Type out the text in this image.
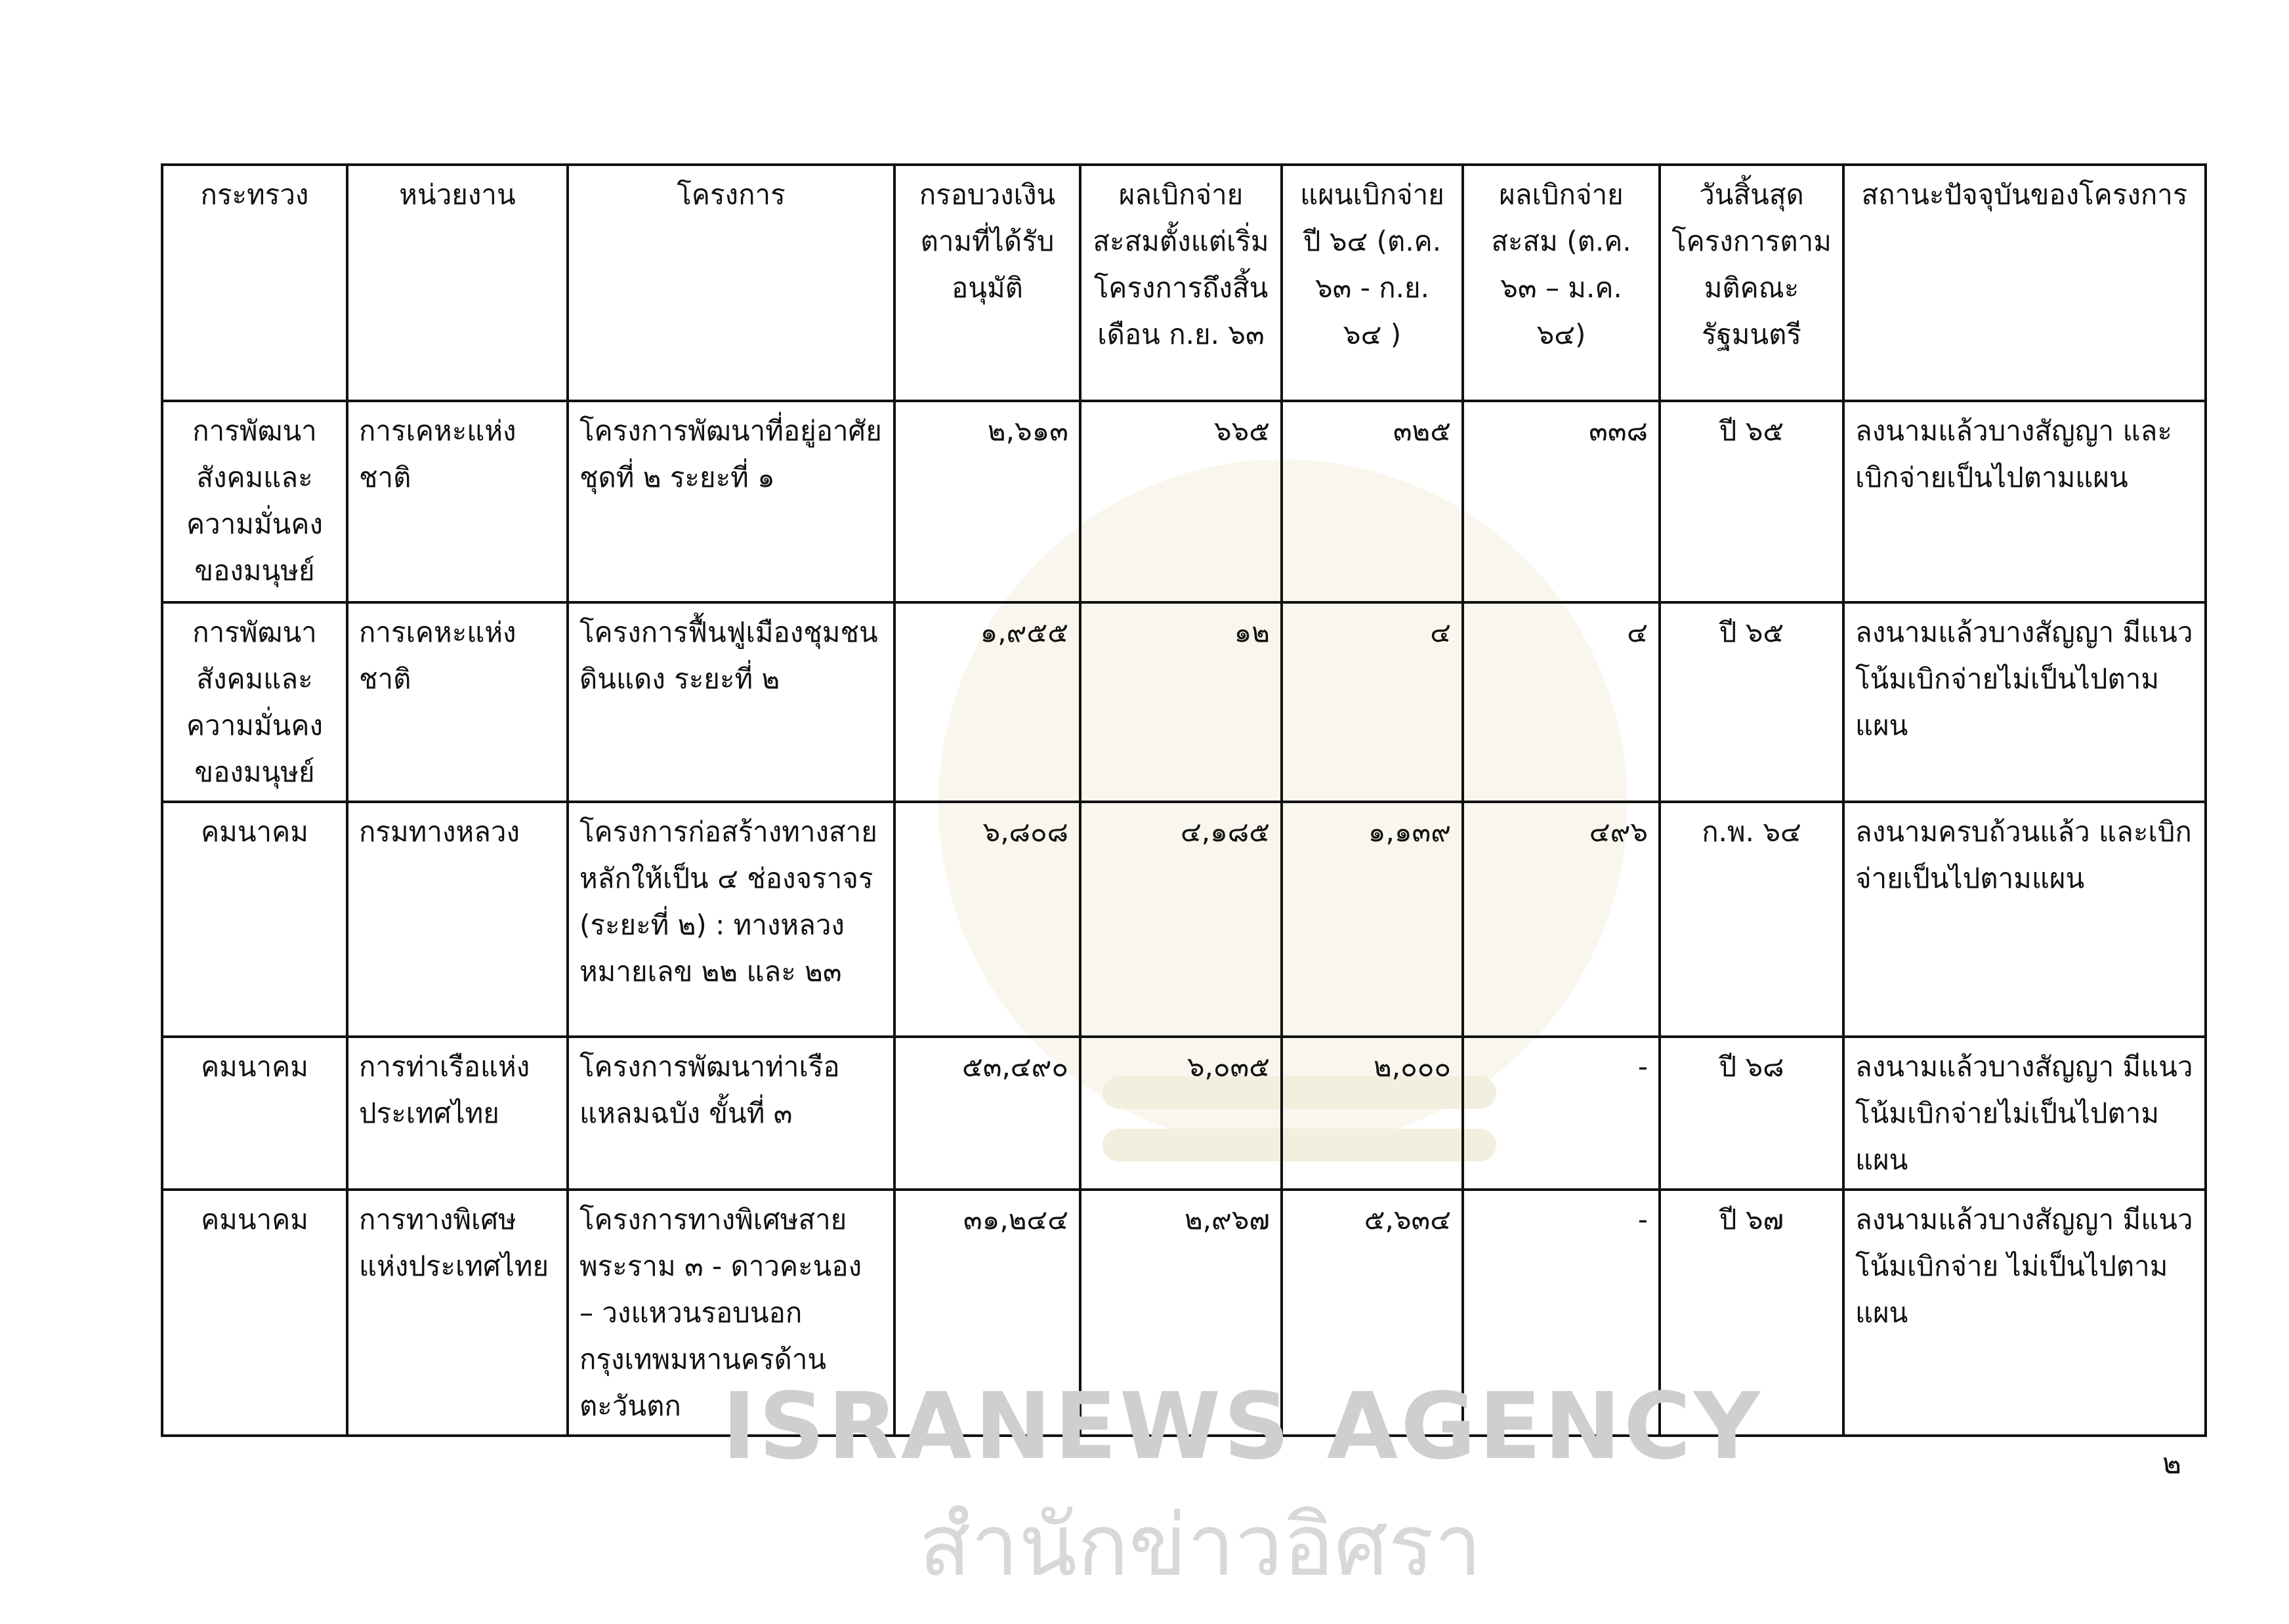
กระทรวง	หน่วยงาน	โครงการ	กรอบวงเงินตามที่ได้รับอนุมัติ	ผลเบิกจ่ายสะสมตั้งแต่เริ่มโครงการถึงสิ้นเดือน ก.ย. ๖๓	แผนเบิกจ่าย ปี ๖๔ (ต.ค. ๖๓ - ก.ย. ๖๔ )	ผลเบิกจ่ายสะสม (ต.ค. ๖๓ – ม.ค. ๖๔)	วันสิ้นสุดโครงการตามมติคณะรัฐมนตรี	สถานะปัจจุบันของโครงการ
การพัฒนาสังคมและความมั่นคงของมนุษย์	การเคหะแห่งชาติ	โครงการพัฒนาที่อยู่อาศัย ชุดที่ ๒ ระยะที่ ๑	๒,๖๑๓	๖๖๕	๓๒๕	๓๓๘	ปี ๖๕	ลงนามแล้วบางสัญญา และเบิกจ่ายเป็นไปตามแผน
การพัฒนาสังคมและความมั่นคงของมนุษย์	การเคหะแห่งชาติ	โครงการฟื้นฟูเมืองชุมชน ดินแดง ระยะที่ ๒	๑,๙๕๕	๑๒	๔	๔	ปี ๖๕	ลงนามแล้วบางสัญญา มีแนวโน้มเบิกจ่ายไม่เป็นไปตามแผน
คมนาคม	กรมทางหลวง	โครงการก่อสร้างทางสายหลักให้เป็น ๔ ช่องจราจร (ระยะที่ ๒) : ทางหลวงหมายเลข ๒๒ และ ๒๓	๖,๘๐๘	๔,๑๘๕	๑,๑๓๙	๔๙๖	ก.พ. ๖๔	ลงนามครบถ้วนแล้ว และเบิกจ่ายเป็นไปตามแผน
คมนาคม	การท่าเรือแห่งประเทศไทย	โครงการพัฒนาท่าเรือแหลมฉบัง ขั้นที่ ๓	๕๓,๔๙๐	๖,๐๓๕	๒,๐๐๐	-	ปี ๖๘	ลงนามแล้วบางสัญญา มีแนวโน้มเบิกจ่ายไม่เป็นไปตามแผน
คมนาคม	การทางพิเศษแห่งประเทศไทย	โครงการทางพิเศษสายพระราม ๓ - ดาวคะนอง – วงแหวนรอบนอกกรุงเทพมหานครด้านตะวันตก	๓๑,๒๔๔	๒,๙๖๗	๕,๖๓๔	-	ปี ๖๗	ลงนามแล้วบางสัญญา มีแนวโน้มเบิกจ่าย ไม่เป็นไปตามแผน
ISRANEWS AGENCY
สำนักข่าวอิศรา
๒
